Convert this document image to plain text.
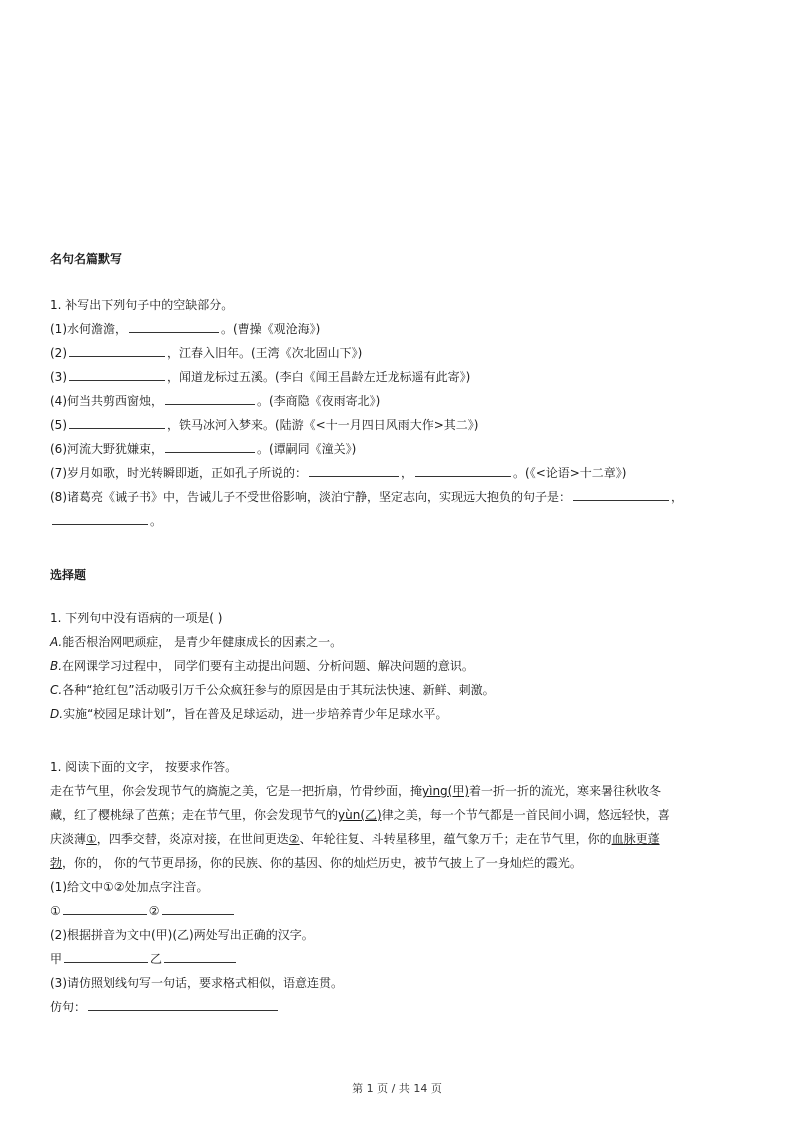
名句名篇默写
1. 补写出下列句子中的空缺部分。
(1)水何澹澹，	。(曹操《观沧海》)
(2)	，江春入旧年。(王湾《次北固山下》)
(3)	，闻道龙标过五溪。(李白《闻王昌龄左迁龙标遥有此寄》)
(4)何当共剪西窗烛，	。(李商隐《夜雨寄北》)
(5)	，铁马冰河入梦来。(陆游《<十一月四日风雨大作>其二》)
(6)河流大野犹嫌束，	。(谭嗣同《潼关》)
(7)岁月如歌，时光转瞬即逝，正如孔子所说的：	，	。(《<论语>十二章》)
(8)诸葛亮《诫子书》中，告诫儿子不受世俗影响，淡泊宁静，坚定志向，实现远大抱负的句子是：	，
。
选择题
1. 下列句中没有语病的一项是( )
A.能否根治网吧顽症， 是青少年健康成长的因素之一。
B.在网课学习过程中， 同学们要有主动提出问题、分析问题、解决问题的意识。
C.各种“抢红包”活动吸引万千公众疯狂参与的原因是由于其玩法快速、新鲜、刺激。
D.实施“校园足球计划”，旨在普及足球运动，进一步培养青少年足球水平。
1. 阅读下面的文字， 按要求作答。
走在节气里，你会发现节气的旖旎之美，它是一把折扇，竹骨纱面，掩yìng(甲)着一折一折的流光，寒来暑往秋收冬
藏，红了樱桃绿了芭蕉；走在节气里，你会发现节气的yùn(乙)律之美，每一个节气都是一首民间小调，悠远轻快，喜
庆淡薄①，四季交替，炎凉对接，在世间更迭②、年轮往复、斗转星移里，蕴气象万千；走在节气里，你的血脉更蓬
勃，你的， 你的气节更昂扬，你的民族、你的基因、你的灿烂历史，被节气披上了一身灿烂的霞光。
(1)给文中①②处加点字注音。
①	②
(2)根据拼音为文中(甲)(乙)两处写出正确的汉字。
甲	乙
(3)请仿照划线句写一句话，要求格式相似，语意连贯。
仿句：
第 1 页 / 共 14 页
